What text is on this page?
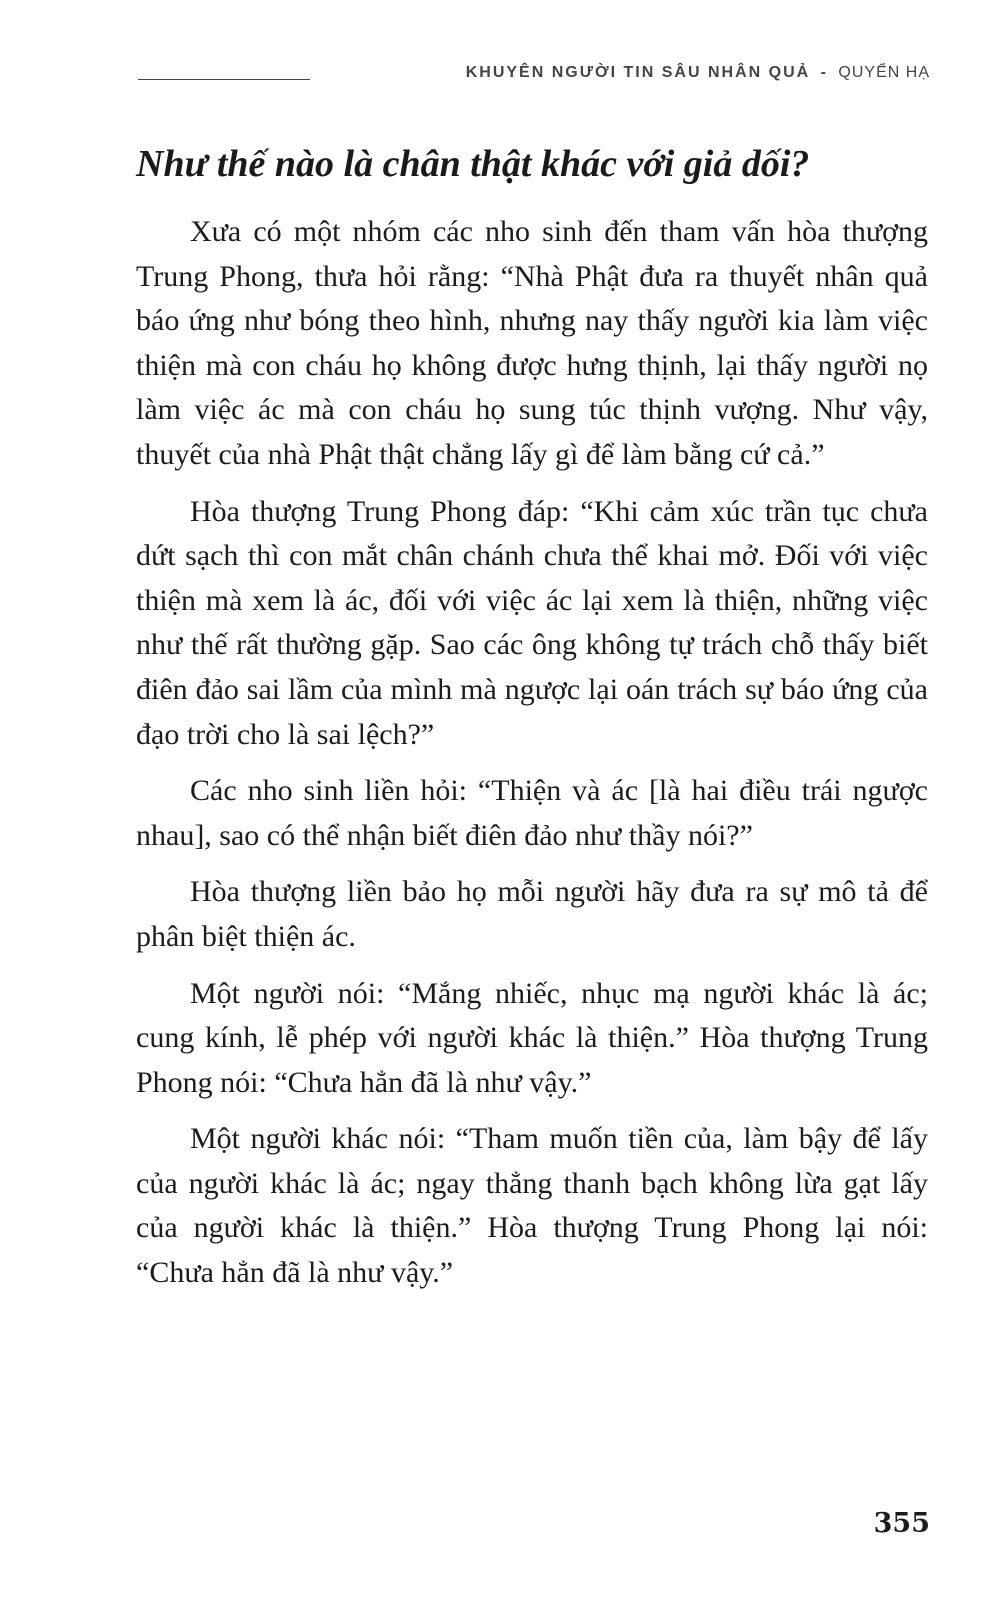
KHUYÊN NGƯỜI TIN SÂU NHÂN QUẢ - QUYỂN HẠ
Như thế nào là chân thật khác với giả dối?

Xưa có một nhóm các nho sinh đến tham vấn hòa thượng Trung Phong, thưa hỏi rằng: “Nhà Phật đưa ra thuyết nhân quả báo ứng như bóng theo hình, nhưng nay thấy người kia làm việc thiện mà con cháu họ không được hưng thịnh, lại thấy người nọ làm việc ác mà con cháu họ sung túc thịnh vượng. Như vậy, thuyết của nhà Phật thật chẳng lấy gì để làm bằng cứ cả.”

Hòa thượng Trung Phong đáp: “Khi cảm xúc trần tục chưa dứt sạch thì con mắt chân chánh chưa thể khai mở. Đối với việc thiện mà xem là ác, đối với việc ác lại xem là thiện, những việc như thế rất thường gặp. Sao các ông không tự trách chỗ thấy biết điên đảo sai lầm của mình mà ngược lại oán trách sự báo ứng của đạo trời cho là sai lệch?”

Các nho sinh liền hỏi: “Thiện và ác [là hai điều trái ngược nhau], sao có thể nhận biết điên đảo như thầy nói?”

Hòa thượng liền bảo họ mỗi người hãy đưa ra sự mô tả để phân biệt thiện ác.

Một người nói: “Mắng nhiếc, nhục mạ người khác là ác; cung kính, lễ phép với người khác là thiện.” Hòa thượng Trung Phong nói: “Chưa hẳn đã là như vậy.”

Một người khác nói: “Tham muốn tiền của, làm bậy để lấy của người khác là ác; ngay thẳng thanh bạch không lừa gạt lấy của người khác là thiện.” Hòa thượng Trung Phong lại nói: “Chưa hẳn đã là như vậy.”

355
